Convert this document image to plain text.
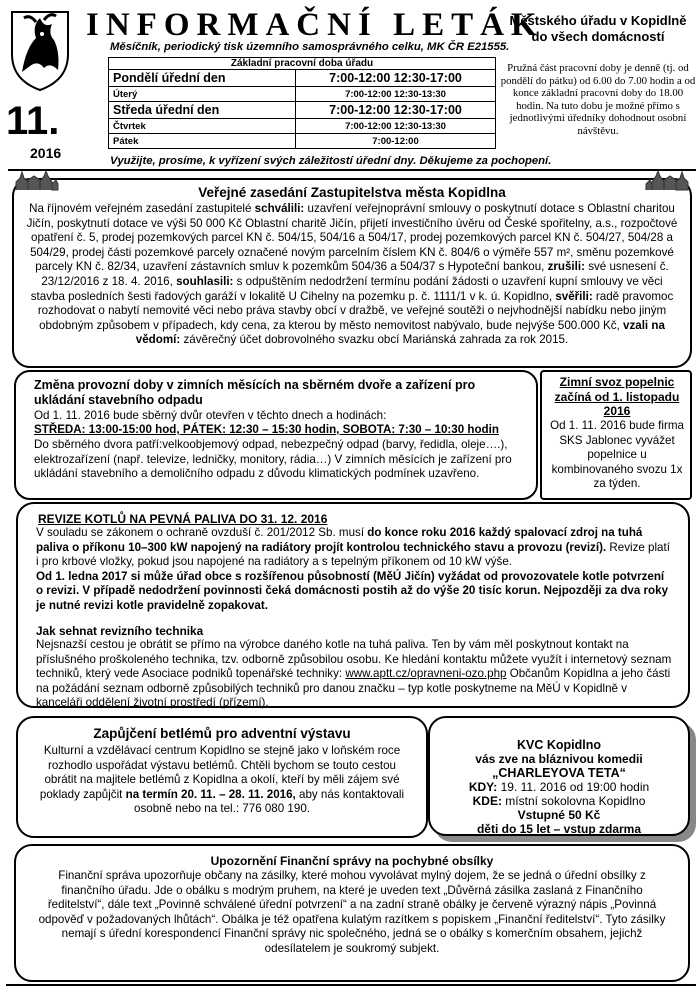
INFORMAČNÍ LETÁK
Městského úřadu v Kopidlně
do všech domácností
Měsíčník, periodický tisk územního samosprávného celku, MK ČR E21555.
11.
2016
Základní pracovní doba úřadu	
Pondělí úřední den	7:00-12:00 12:30-17:00
Úterý	7:00-12:00 12:30-13:30
Středa úřední den	7:00-12:00 12:30-17:00
Čtvrtek	7:00-12:00 12:30-13:30
Pátek	7:00-12:00
Pružná část pracovní doby je denně (tj. od pondělí do pátku) od 6.00 do 7.00 hodin a od konce základní pracovní doby do 18.00 hodin. Na tuto dobu je možné přímo s jednotlivými úředníky dohodnout osobní návštěvu.
Využijte, prosíme, k vyřízení svých záležitostí úřední dny. Děkujeme za pochopení.
Veřejné zasedání Zastupitelstva města Kopidlna
Na říjnovém veřejném zasedání zastupitelé schválili: uzavření veřejnoprávní smlouvy o poskytnutí dotace s Oblastní charitou Jičín, poskytnutí dotace ve výši 50 000 Kč Oblastní charitě Jičín, přijetí investičního úvěru od České spořitelny, a.s., rozpočtové opatření č. 5, prodej pozemkových parcel KN č. 504/15, 504/16 a 504/17, prodej pozemkových parcel KN č. 504/27, 504/28 a 504/29, prodej části pozemkové parcely označené novým parcelním číslem KN č. 804/6 o výměře 557 m², směnu pozemkové parcely KN č. 82/34, uzavření zástavních smluv k pozemkům 504/36 a 504/37 s Hypoteční bankou, zrušili: své usnesení č. 23/12/2016 z 18. 4. 2016, souhlasili: s odpuštěním nedodržení termínu podání žádosti o uzavření kupní smlouvy ve věci stavba posledních šesti řadových garáží v lokalitě U Cihelny na pozemku p. č. 1111/1 v k. ú. Kopidlno, svěřili: radě pravomoc rozhodovat o nabytí nemovité věci nebo práva stavby obcí v dražbě, ve veřejné soutěži o nejvhodnější nabídku nebo jiným obdobným způsobem v případech, kdy cena, za kterou by město nemovitost nabývalo, bude nejvýše 500.000 Kč, vzali na vědomí: závěrečný účet dobrovolného svazku obcí Mariánská zahrada za rok 2015.
Změna provozní doby v zimních měsících na sběrném dvoře a zařízení pro ukládání stavebního odpadu
Od 1. 11. 2016 bude sběrný dvůr otevřen v těchto dnech a hodinách:
STŘEDA: 13:00-15:00 hod, PÁTEK: 12:30 – 15:30 hodin, SOBOTA: 7:30 – 10:30 hodin
Do sběrného dvora patří:velkoobjemový odpad, nebezpečný odpad (barvy, ředidla, oleje….), elektrozařízení (např. televize, ledničky, monitory, rádia…) V zimních měsících je zařízení pro ukládání stavebního a demoličního odpadu z důvodu klimatických podmínek uzavřeno.
Zimní svoz popelnic začíná od 1. listopadu 2016
Od 1. 11. 2016 bude firma SKS Jablonec vyvážet popelnice u kombinovaného svozu 1x za týden.
REVIZE KOTLŮ NA PEVNÁ PALIVA DO 31. 12. 2016
V souladu se zákonem o ochraně ovzduší č. 201/2012 Sb. musí do konce roku 2016 každý spalovací zdroj na tuhá paliva o příkonu 10–300 kW napojený na radiátory projít kontrolou technického stavu a provozu (revizí). Revize platí i pro krbové vložky, pokud jsou napojené na radiátory a s tepelným příkonem od 10 kW výše.
Od 1. ledna 2017 si může úřad obce s rozšířenou působností (MěÚ Jičín) vyžádat od provozovatele kotle potvrzení o revizi. V případě nedodržení povinnosti čeká domácnosti postih až do výše 20 tisíc korun. Nejpozději za dva roky je nutné revizi kotle pravidelně zopakovat.
Jak sehnat revizního technika
Nejsnazší cestou je obrátit se přímo na výrobce daného kotle na tuhá paliva. Ten by vám měl poskytnout kontakt na příslušného proškoleného technika, tzv. odborně způsobilou osobu. Ke hledání kontaktu můžete využít i internetový seznam techniků, který vede Asociace podniků topenářské techniky: www.aptt.cz/opravneni-ozo.php Občanům Kopidlna a jeho části na požádání seznam odborně způsobilých techniků pro danou značku – typ kotle poskytneme na MěÚ v Kopidlně v kanceláři oddělení životní prostředí (přízemí).
Zapůjčení betlémů pro adventní výstavu
Kulturní a vzdělávací centrum Kopidlno se stejně jako v loňském roce rozhodlo uspořádat výstavu betlémů. Chtěli bychom se touto cestou obrátit na majitele betlémů z Kopidlna a okolí, kteří by měli zájem své poklady zapůjčit na termín 20. 11. – 28. 11. 2016, aby nás kontaktovali osobně nebo na tel.: 776 080 190.
KVC Kopidlno
vás zve na bláznivou komedii
„CHARLEYOVA TETA“
KDY: 19. 11. 2016 od 19:00 hodin
KDE: místní sokolovna Kopidlno
Vstupné 50 Kč
děti do 15 let – vstup zdarma
Upozornění Finanční správy na pochybné obsílky
Finanční správa upozorňuje občany na zásilky, které mohou vyvolávat mylný dojem, že se jedná o úřední obsílky z finančního úřadu. Jde o obálku s modrým pruhem, na které je uveden text „Důvěrná zásilka zaslaná z Finančního ředitelství“, dále text „Povinně schválené úřední potvrzení“ a na zadní straně obálky je červeně výrazný nápis „Povinná odpověď v požadovaných lhůtách“. Obálka je též opatřena kulatým razítkem s popiskem „Finanční ředitelství“. Tyto zásilky nemají s úřední korespondencí Finanční správy nic společného, jedná se o obálky s komerčním obsahem, jejichž odesílatelem je soukromý subjekt.
